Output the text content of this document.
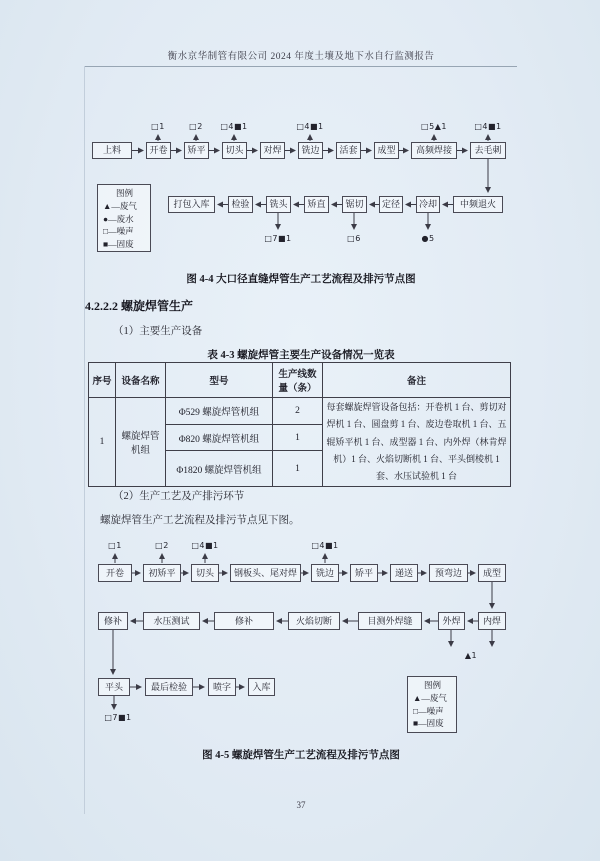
衡水京华制管有限公司 2024 年度土壤及地下水自行监测报告
□1	□2 □4■1	□4■1	□5▲1	□4■1
上料	开卷	矫平	切头	对焊	铣边	活套	成型	高频焊接	去毛刺
打包入库	检验	铣头	矫直	锯切	定径	冷却	中频退火
□7■1	□6	●5
图例
▲—废气
●—废水
□—噪声
■—固废
图 4-4 大口径直缝焊管生产工艺流程及排污节点图
4.2.2.2 螺旋焊管生产
（1）主要生产设备
表 4-3 螺旋焊管主要生产设备情况一览表
序号	设备名称	型号	生产线数量（条）	备注
1	螺旋焊管机组	Φ529 螺旋焊管机组	2	每套螺旋焊管设备包括：开卷机 1 台、剪切对焊机 1 台、圆盘剪 1 台、废边卷取机 1 台、五辊矫平机 1 台、成型器 1 台、内外焊（林肯焊机）1 台、火焰切断机 1 台、平头倒棱机 1 套、水压试验机 1 台
		Φ820 螺旋焊管机组	1	
		Φ1820 螺旋焊管机组	1	
（2）生产工艺及产排污环节
螺旋焊管生产工艺流程及排污节点见下图。
□1	□2	□4■1	□4■1
开卷	初矫平	切头	钢板头、尾对焊	铣边	矫平	递送	预弯边	成型
修补	水压测试	修补	火焰切断	目测外焊缝	外焊	内焊
▲1
平头	最后检验	喷字	入库
□7■1
图例
▲—废气
□—噪声
■—固废
图 4-5 螺旋焊管生产工艺流程及排污节点图
37
